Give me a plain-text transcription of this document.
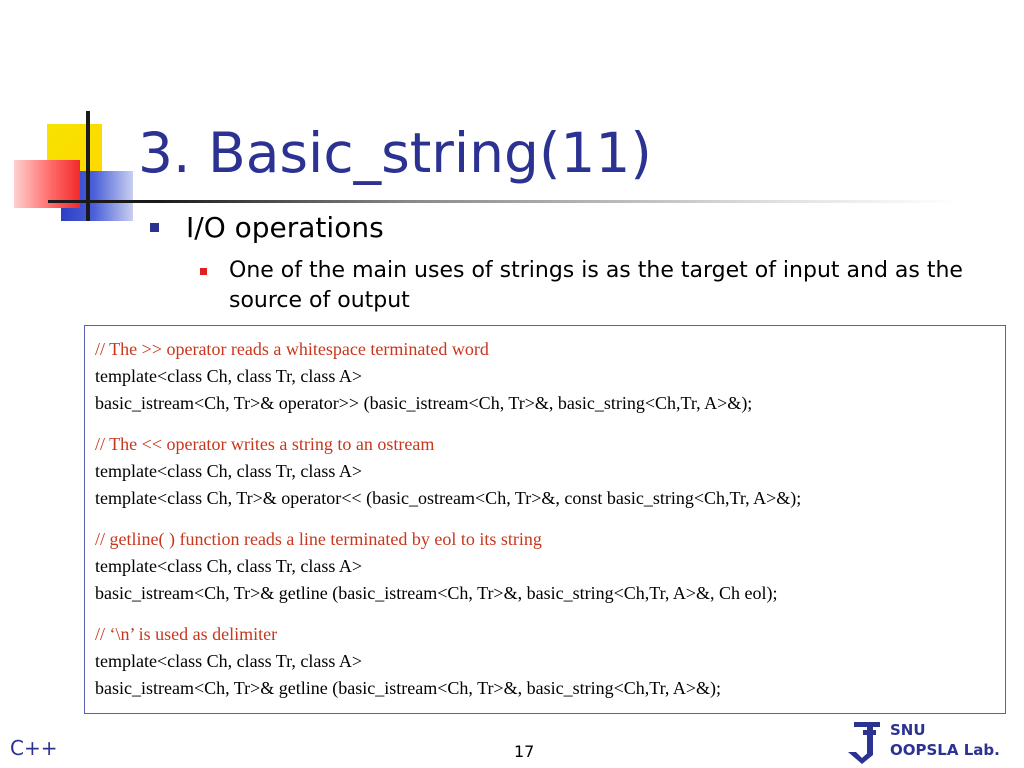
3. Basic_string(11)
I/O operations
One of the main uses of strings is as the target of input and as the source of output
// The >> operator reads a whitespace terminated word
template<class Ch, class Tr, class A>
basic_istream<Ch, Tr>& operator>> (basic_istream<Ch, Tr>&, basic_string<Ch,Tr, A>&);
// The << operator writes a string to an ostream
template<class Ch, class Tr, class A>
template<class Ch, Tr>& operator<< (basic_ostream<Ch, Tr>&, const basic_string<Ch,Tr, A>&);
// getline( ) function reads a line terminated by eol to its string
template<class Ch, class Tr, class A>
basic_istream<Ch, Tr>& getline (basic_istream<Ch, Tr>&, basic_string<Ch,Tr, A>&, Ch eol);
// ‘\n’ is used as delimiter
template<class Ch, class Tr, class A>
basic_istream<Ch, Tr>& getline (basic_istream<Ch, Tr>&, basic_string<Ch,Tr, A>&);
C++	17
SNU
OOPSLA Lab.
